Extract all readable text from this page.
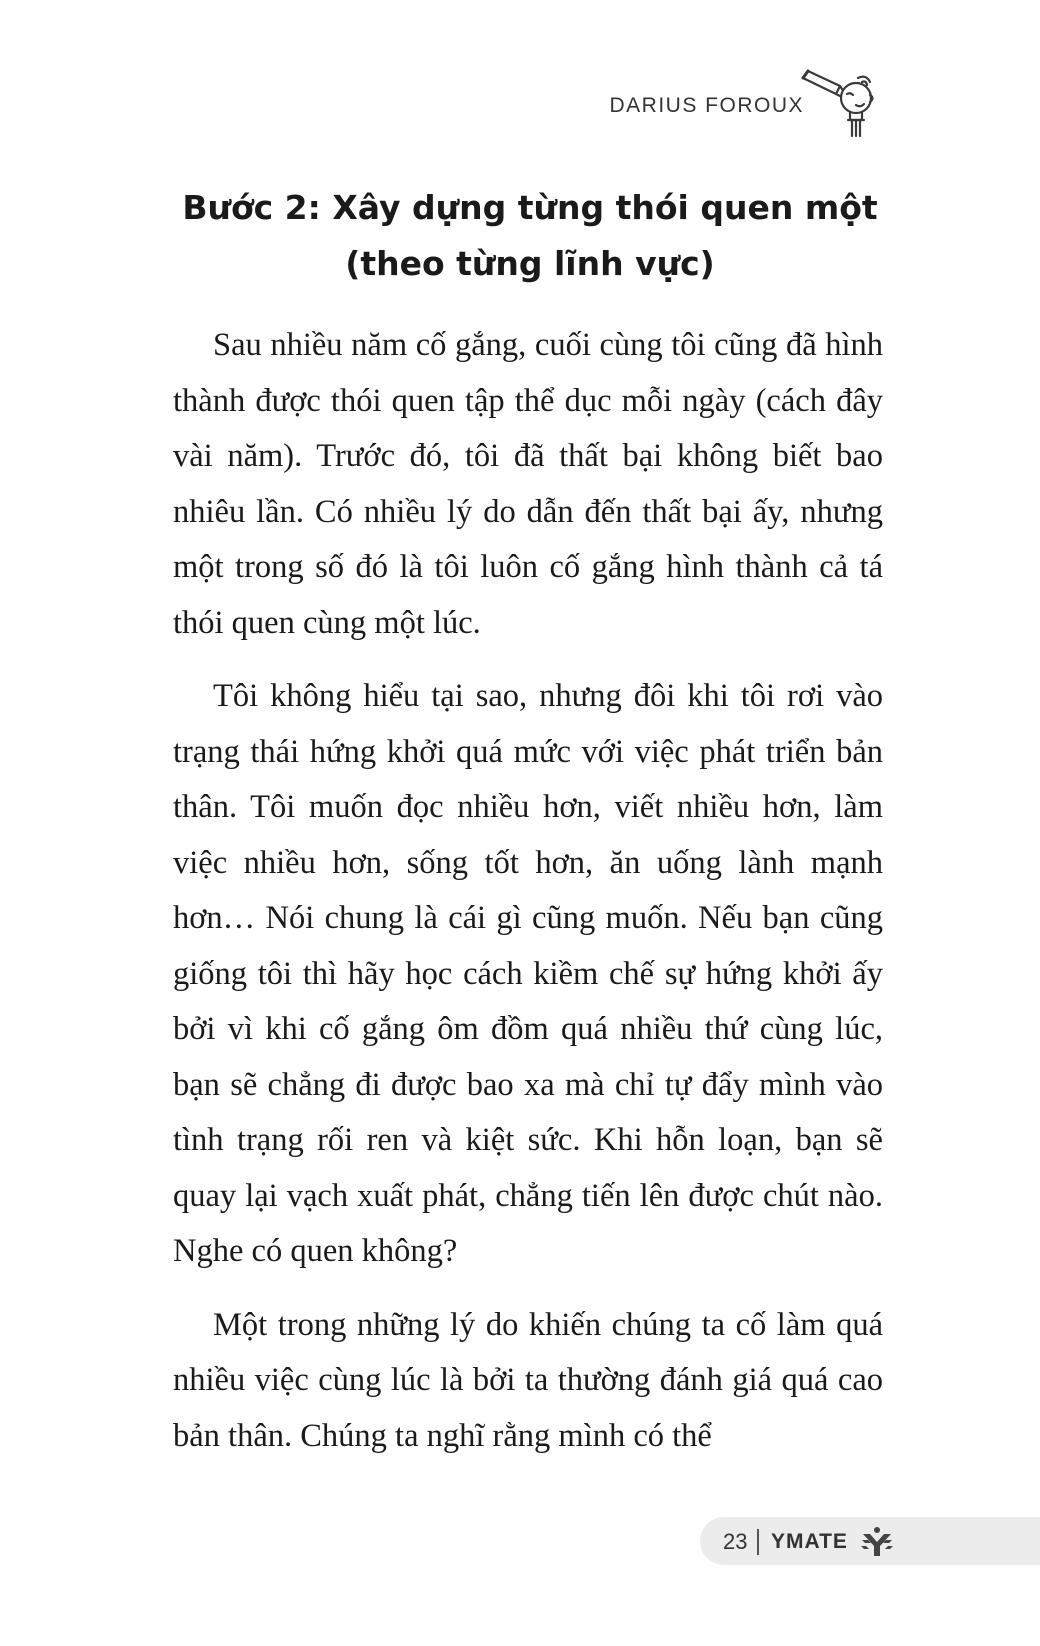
DARIUS FOROUX
Bước 2: Xây dựng từng thói quen một
(theo từng lĩnh vực)

Sau nhiều năm cố gắng, cuối cùng tôi cũng đã hình thành được thói quen tập thể dục mỗi ngày (cách đây vài năm). Trước đó, tôi đã thất bại không biết bao nhiêu lần. Có nhiều lý do dẫn đến thất bại ấy, nhưng một trong số đó là tôi luôn cố gắng hình thành cả tá thói quen cùng một lúc.

Tôi không hiểu tại sao, nhưng đôi khi tôi rơi vào trạng thái hứng khởi quá mức với việc phát triển bản thân. Tôi muốn đọc nhiều hơn, viết nhiều hơn, làm việc nhiều hơn, sống tốt hơn, ăn uống lành mạnh hơn… Nói chung là cái gì cũng muốn. Nếu bạn cũng giống tôi thì hãy học cách kiềm chế sự hứng khởi ấy bởi vì khi cố gắng ôm đồm quá nhiều thứ cùng lúc, bạn sẽ chẳng đi được bao xa mà chỉ tự đẩy mình vào tình trạng rối ren và kiệt sức. Khi hỗn loạn, bạn sẽ quay lại vạch xuất phát, chẳng tiến lên được chút nào. Nghe có quen không?

Một trong những lý do khiến chúng ta cố làm quá nhiều việc cùng lúc là bởi ta thường đánh giá quá cao bản thân. Chúng ta nghĩ rằng mình có thể

23 YMATE
